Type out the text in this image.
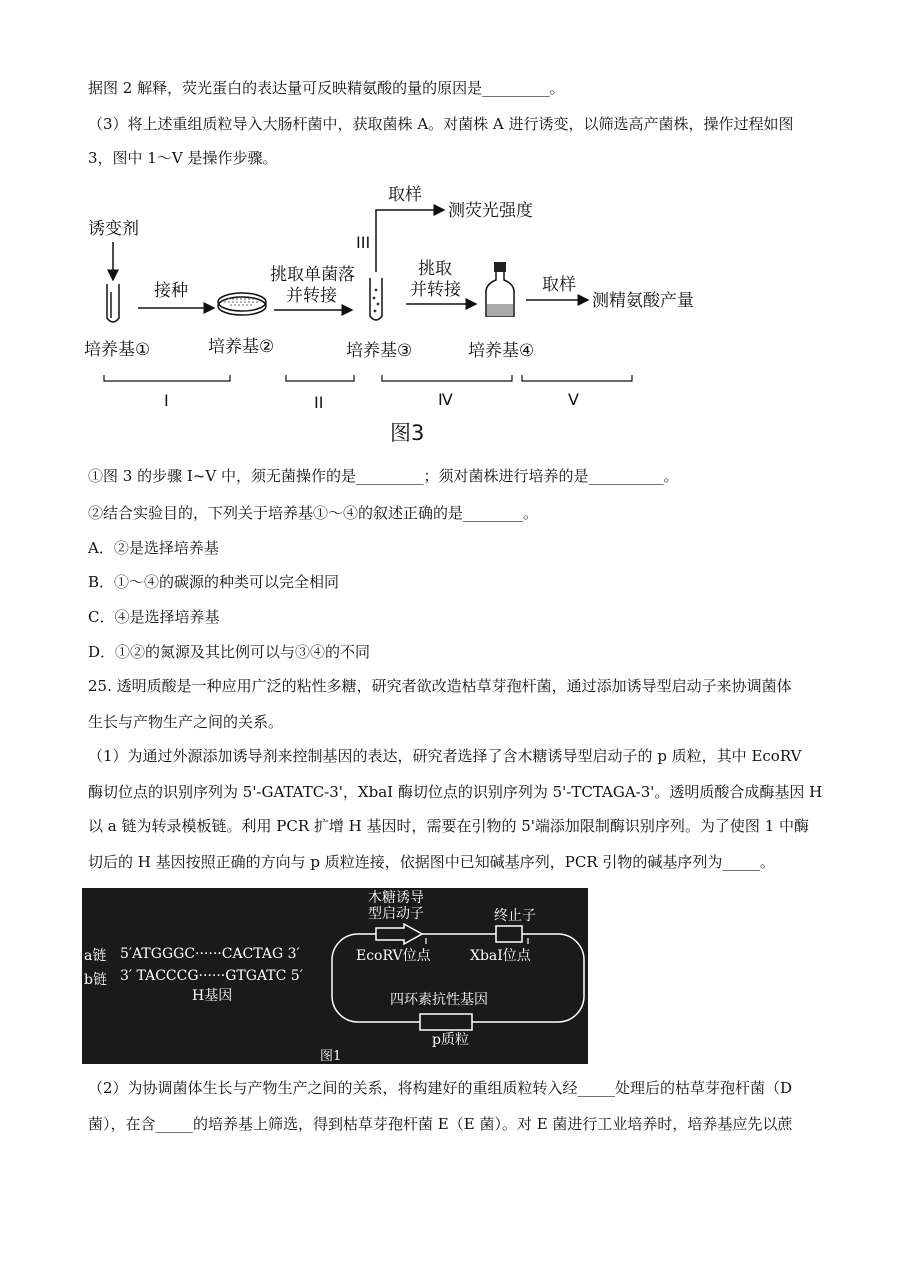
据图 2 解释，荧光蛋白的表达量可反映精氨酸的量的原因是_________。
（3）将上述重组质粒导入大肠杆菌中，获取菌株 A。对菌株 A 进行诱变，以筛选高产菌株，操作过程如图
3，图中 1～V 是操作步骤。
诱变剂
培养基①
接种
培养基②
挑取单菌落
并转接
培养基③
III
取样
测荧光强度
挑取
并转接
培养基④
取样
测精氨酸产量
I	II	Ⅳ	V
图3
①图 3 的步骤 I~V 中，须无菌操作的是_________；须对菌株进行培养的是__________。
②结合实验目的，下列关于培养基①～④的叙述正确的是________。
A．②是选择培养基
B．①～④的碳源的种类可以完全相同
C．④是选择培养基
D．①②的氮源及其比例可以与③④的不同
25. 透明质酸是一种应用广泛的粘性多糖，研究者欲改造枯草芽孢杆菌，通过添加诱导型启动子来协调菌体
生长与产物生产之间的关系。
（1）为通过外源添加诱导剂来控制基因的表达，研究者选择了含木糖诱导型启动子的 p 质粒，其中 EcoRV
酶切位点的识别序列为 5'-GATATC-3'，XbaI 酶切位点的识别序列为 5'-TCTAGA-3'。透明质酸合成酶基因 H
以 a 链为转录模板链。利用 PCR 扩增 H 基因时，需要在引物的 5'端添加限制酶识别序列。为了使图 1 中酶
切后的 H 基因按照正确的方向与 p 质粒连接，依据图中已知碱基序列，PCR 引物的碱基序列为_____。
木糖诱导
型启动子
EcoRV位点
终止子
XbaⅠ位点
a链
b链
5′ATGGGC······CACTAG 3′
3′ TACCCG······GTGATC 5′
H基因	四环素抗性基因
p质粒
图1
（2）为协调菌体生长与产物生产之间的关系，将构建好的重组质粒转入经_____处理后的枯草芽孢杆菌（D
菌），在含_____的培养基上筛选，得到枯草芽孢杆菌 E（E 菌）。对 E 菌进行工业培养时，培养基应先以蔗
